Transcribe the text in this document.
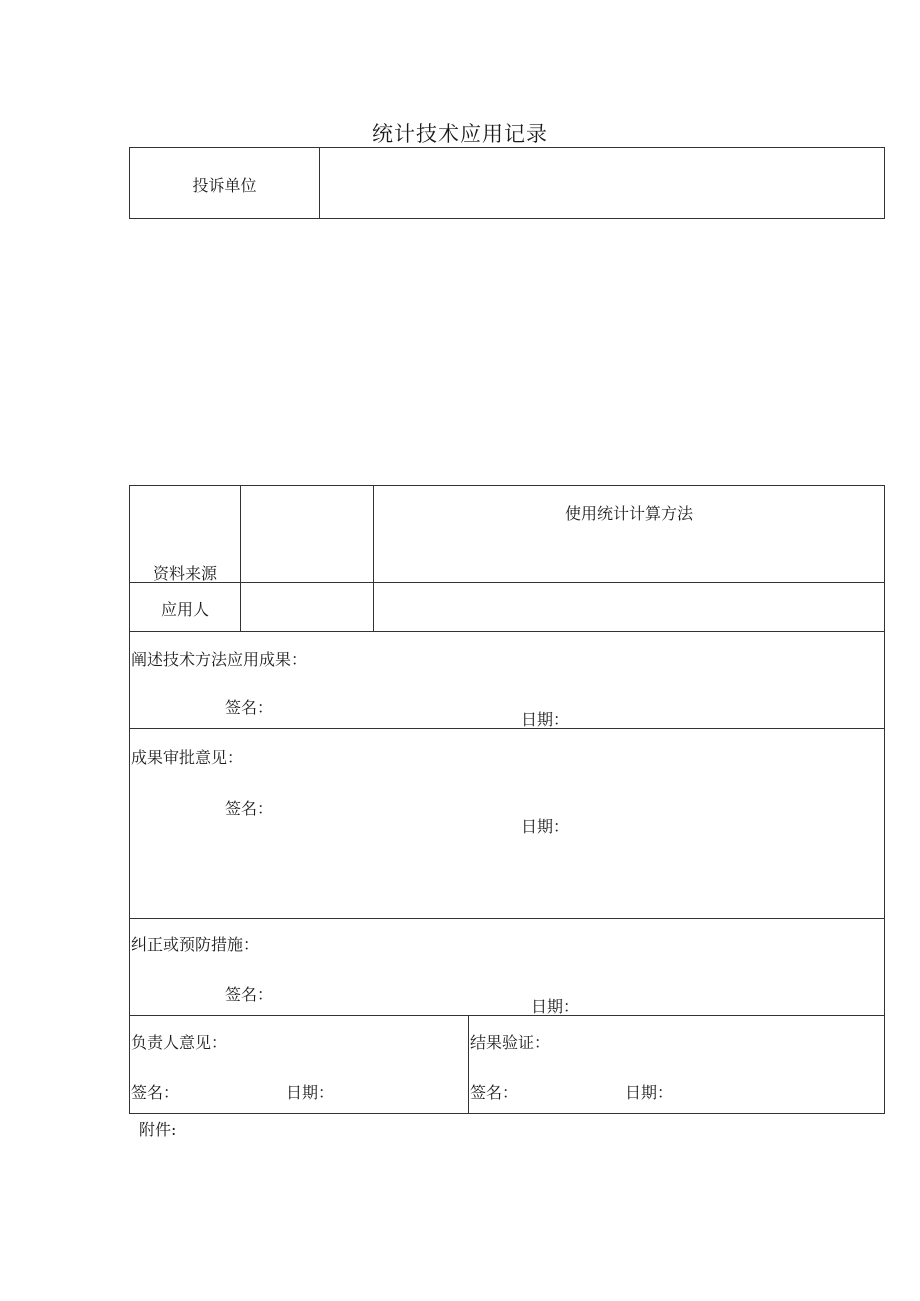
统计技术应用记录
投诉单位
资料来源
使用统计计算方法
应用人
阐述技术方法应用成果：
签名：
日期：
成果审批意见：
签名：
日期：
纠正或预防措施：
签名：
日期：
负责人意见：
签名：	日期：
结果验证：
签名：	日期：
附件:
